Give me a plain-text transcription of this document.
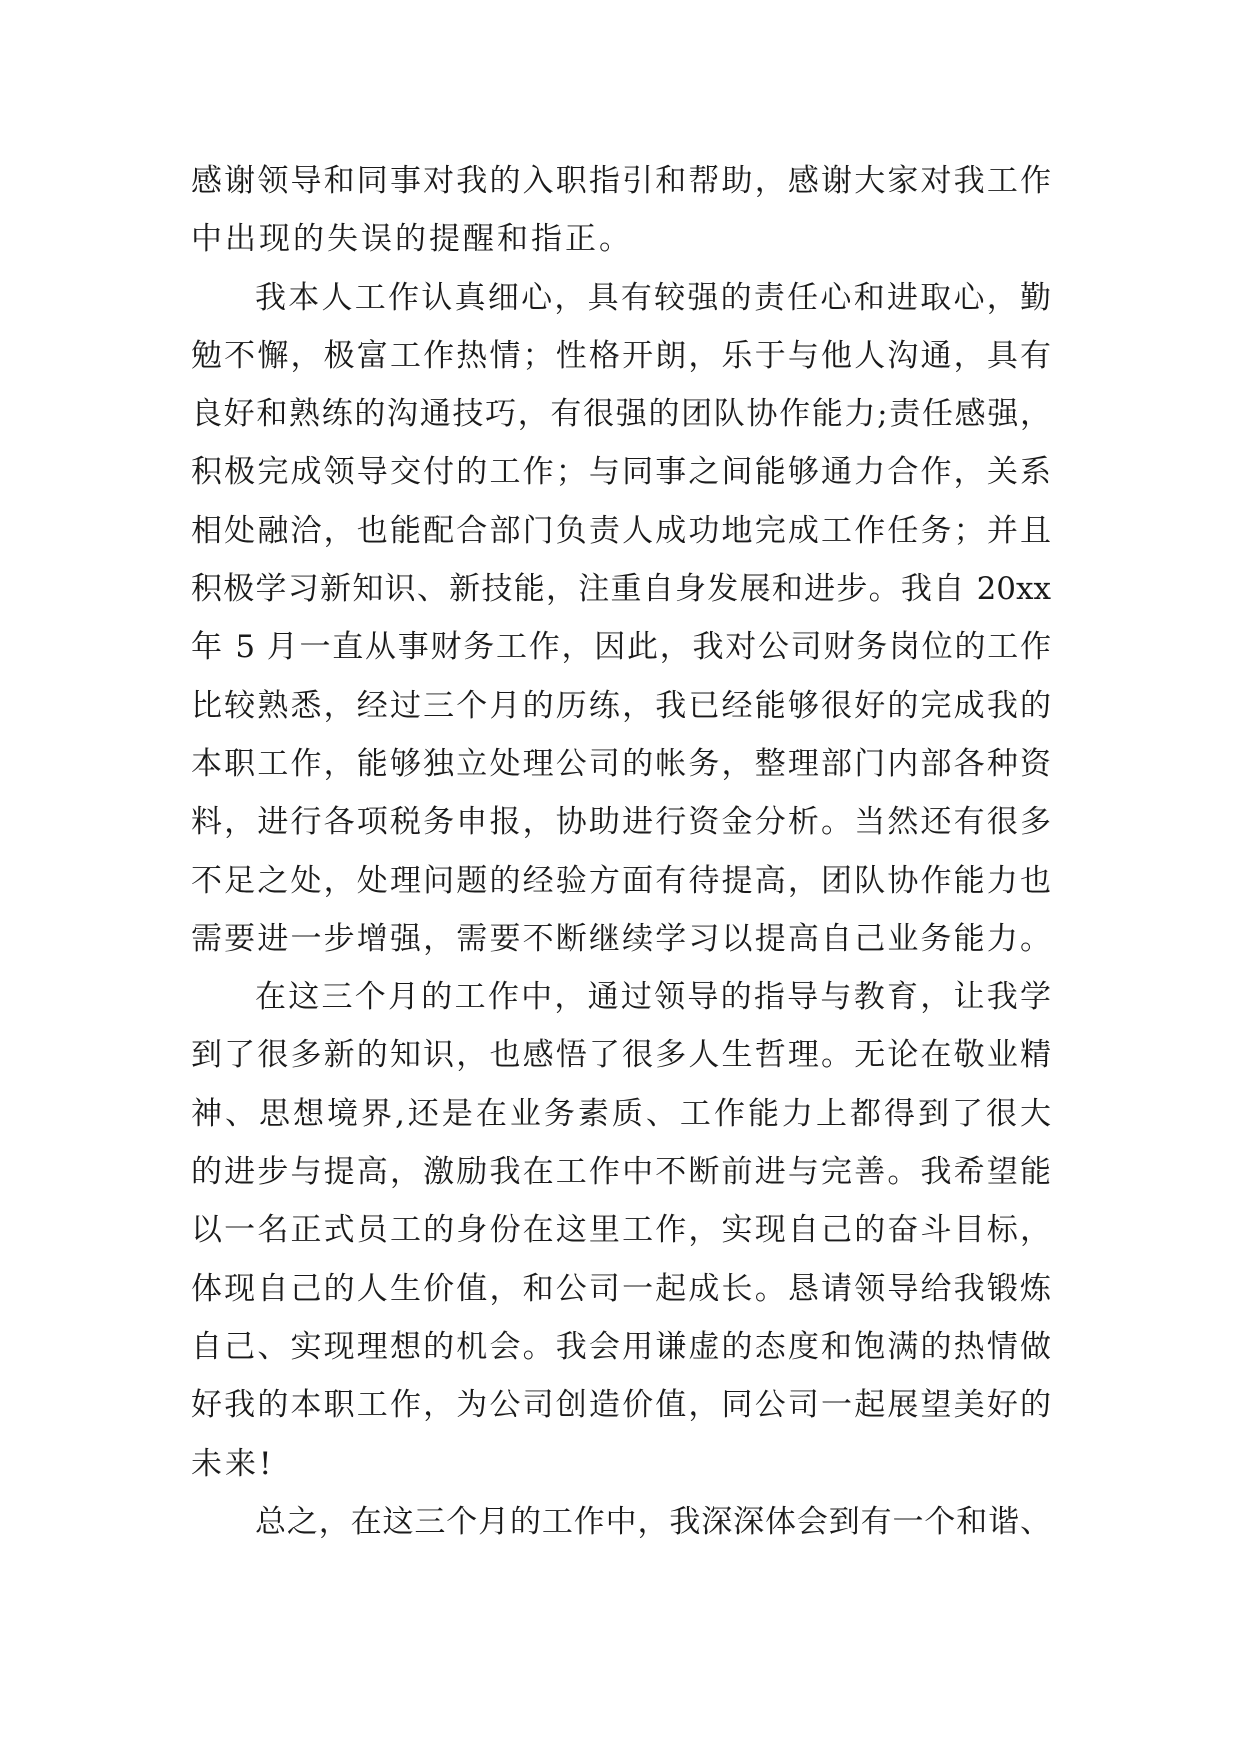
感谢领导和同事对我的入职指引和帮助，感谢大家对我工作
中出现的失误的提醒和指正。
我本人工作认真细心，具有较强的责任心和进取心，勤
勉不懈，极富工作热情；性格开朗，乐于与他人沟通，具有
良好和熟练的沟通技巧，有很强的团队协作能力;责任感强，
积极完成领导交付的工作；与同事之间能够通力合作，关系
相处融洽，也能配合部门负责人成功地完成工作任务；并且
积极学习新知识、新技能，注重自身发展和进步。我自 20xx
年 5 月一直从事财务工作，因此，我对公司财务岗位的工作
比较熟悉，经过三个月的历练，我已经能够很好的完成我的
本职工作，能够独立处理公司的帐务，整理部门内部各种资
料，进行各项税务申报，协助进行资金分析。当然还有很多
不足之处，处理问题的经验方面有待提高，团队协作能力也
需要进一步增强，需要不断继续学习以提高自己业务能力。
在这三个月的工作中，通过领导的指导与教育，让我学
到了很多新的知识，也感悟了很多人生哲理。无论在敬业精
神、思想境界,还是在业务素质、工作能力上都得到了很大
的进步与提高，激励我在工作中不断前进与完善。我希望能
以一名正式员工的身份在这里工作，实现自己的奋斗目标，
体现自己的人生价值，和公司一起成长。恳请领导给我锻炼
自己、实现理想的机会。我会用谦虚的态度和饱满的热情做
好我的本职工作，为公司创造价值，同公司一起展望美好的
未来!
总之，在这三个月的工作中，我深深体会到有一个和谐、
